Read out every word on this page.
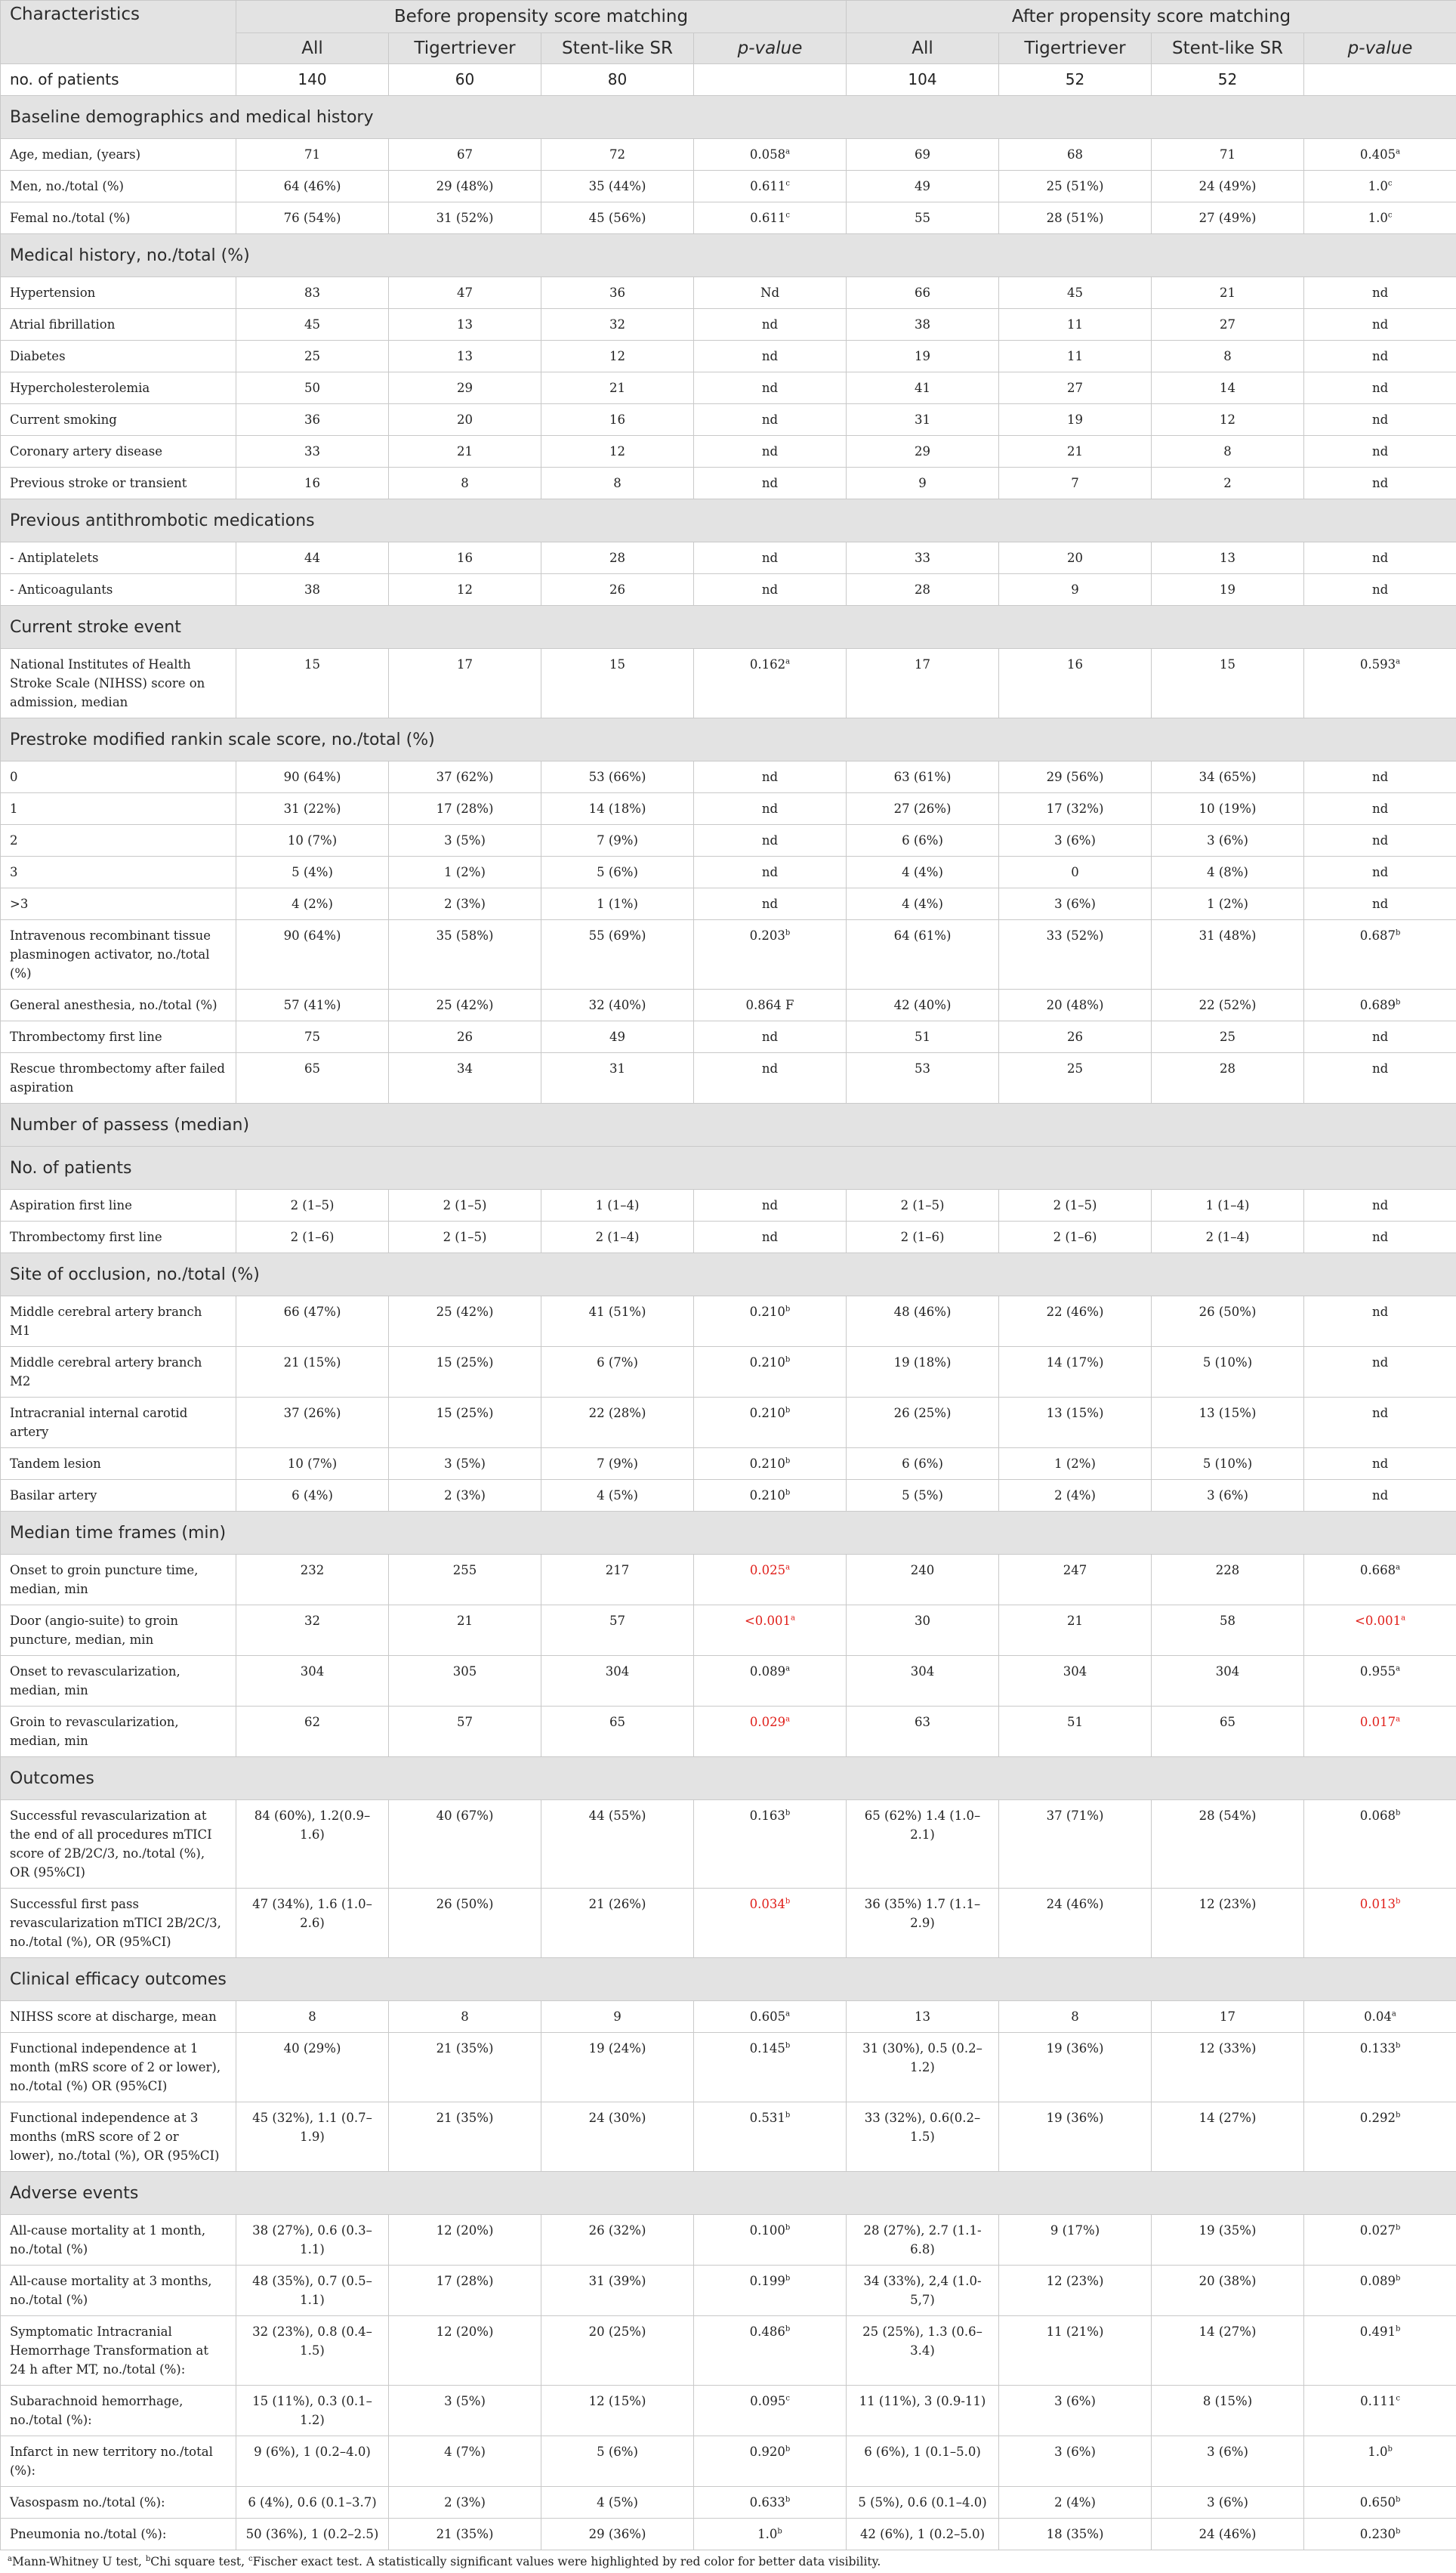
Characteristics	Before propensity score matching				After propensity score matching			
	All	Tigertriever	Stent-like SR	p-value	All	Tigertriever	Stent-like SR	p-value
no. of patients	140	60	80		104	52	52	
Baseline demographics and medical history								
Age, median, (years)	71	67	72	0.058$^a$	69	68	71	0.405$^a$
Men, no./total (%)	64 (46%)	29 (48%)	35 (44%)	0.611$^c$	49	25 (51%)	24 (49%)	1.0$^c$
Femal no./total (%)	76 (54%)	31 (52%)	45 (56%)	0.611$^c$	55	28 (51%)	27 (49%)	1.0$^c$
Medical history, no./total (%)								
Hypertension	83	47	36	Nd	66	45	21	nd
Atrial fibrillation	45	13	32	nd	38	11	27	nd
Diabetes	25	13	12	nd	19	11	8	nd
Hypercholesterolemia	50	29	21	nd	41	27	14	nd
Current smoking	36	20	16	nd	31	19	12	nd
Coronary artery disease	33	21	12	nd	29	21	8	nd
Previous stroke or transient	16	8	8	nd	9	7	2	nd
Previous antithrombotic medications								
- Antiplatelets	44	16	28	nd	33	20	13	nd
- Anticoagulants	38	12	26	nd	28	9	19	nd
Current stroke event								
National Institutes of Health Stroke Scale (NIHSS) score on admission, median	15	17	15	0.162$^a$	17	16	15	0.593$^a$
Prestroke modified rankin scale score, no./total (%)								
0	90 (64%)	37 (62%)	53 (66%)	nd	63 (61%)	29 (56%)	34 (65%)	nd
1	31 (22%)	17 (28%)	14 (18%)	nd	27 (26%)	17 (32%)	10 (19%)	nd
2	10 (7%)	3 (5%)	7 (9%)	nd	6 (6%)	3 (6%)	3 (6%)	nd
3	5 (4%)	1 (2%)	5 (6%)	nd	4 (4%)	0	4 (8%)	nd
>3	4 (2%)	2 (3%)	1 (1%)	nd	4 (4%)	3 (6%)	1 (2%)	nd
Intravenous recombinant tissue plasminogen activator, no./total (%)	90 (64%)	35 (58%)	55 (69%)	0.203$^b$	64 (61%)	33 (52%)	31 (48%)	0.687$^b$
General anesthesia, no./total (%)	57 (41%)	25 (42%)	32 (40%)	0.864 F	42 (40%)	20 (48%)	22 (52%)	0.689$^b$
Thrombectomy first line	75	26	49	nd	51	26	25	nd
Rescue thrombectomy after failed aspiration	65	34	31	nd	53	25	28	nd
Number of passess (median)								
No. of patients								
Aspiration first line	2 (1–5)	2 (1–5)	1 (1–4)	nd	2 (1–5)	2 (1–5)	1 (1–4)	nd
Thrombectomy first line	2 (1–6)	2 (1–5)	2 (1–4)	nd	2 (1–6)	2 (1–6)	2 (1–4)	nd
Site of occlusion, no./total (%)								
Middle cerebral artery branch M1	66 (47%)	25 (42%)	41 (51%)	0.210$^b$	48 (46%)	22 (46%)	26 (50%)	nd
Middle cerebral artery branch M2	21 (15%)	15 (25%)	6 (7%)	0.210$^b$	19 (18%)	14 (17%)	5 (10%)	nd
Intracranial internal carotid artery	37 (26%)	15 (25%)	22 (28%)	0.210$^b$	26 (25%)	13 (15%)	13 (15%)	nd
Tandem lesion	10 (7%)	3 (5%)	7 (9%)	0.210$^b$	6 (6%)	1 (2%)	5 (10%)	nd
Basilar artery	6 (4%)	2 (3%)	4 (5%)	0.210$^b$	5 (5%)	2 (4%)	3 (6%)	nd
Median time frames (min)								
Onset to groin puncture time, median, min	232	255	217	0.025$^a$	240	247	228	0.668$^a$
Door (angio-suite) to groin puncture, median, min	32	21	57	<0.001$^a$	30	21	58	<0.001$^a$
Onset to revascularization, median, min	304	305	304	0.089$^a$	304	304	304	0.955$^a$
Groin to revascularization, median, min	62	57	65	0.029$^a$	63	51	65	0.017$^a$
Outcomes								
Successful revascularization at the end of all procedures mTICI score of 2B/2C/3, no./total (%), OR (95%CI)	84 (60%), 1.2(0.9–1.6)	40 (67%)	44 (55%)	0.163$^b$	65 (62%) 1.4 (1.0–2.1)	37 (71%)	28 (54%)	0.068$^b$
Successful first pass revascularization mTICI 2B/2C/3, no./total (%), OR (95%CI)	47 (34%), 1.6 (1.0–2.6)	26 (50%)	21 (26%)	0.034$^b$	36 (35%) 1.7 (1.1–2.9)	24 (46%)	12 (23%)	0.013$^b$
Clinical efficacy outcomes								
NIHSS score at discharge, mean	8	8	9	0.605$^a$	13	8	17	0.04$^a$
Functional independence at 1 month (mRS score of 2 or lower), no./total (%) OR (95%CI)	40 (29%)	21 (35%)	19 (24%)	0.145$^b$	31 (30%), 0.5 (0.2–1.2)	19 (36%)	12 (33%)	0.133$^b$
Functional independence at 3 months (mRS score of 2 or lower), no./total (%), OR (95%CI)	45 (32%), 1.1 (0.7–1.9)	21 (35%)	24 (30%)	0.531$^b$	33 (32%), 0.6(0.2–1.5)	19 (36%)	14 (27%)	0.292$^b$
Adverse events								
All-cause mortality at 1 month, no./total (%)	38 (27%), 0.6 (0.3–1.1)	12 (20%)	26 (32%)	0.100$^b$	28 (27%), 2.7 (1.1-6.8)	9 (17%)	19 (35%)	0.027$^b$
All-cause mortality at 3 months, no./total (%)	48 (35%), 0.7 (0.5–1.1)	17 (28%)	31 (39%)	0.199$^b$	34 (33%), 2,4 (1.0-5,7)	12 (23%)	20 (38%)	0.089$^b$
Symptomatic Intracranial Hemorrhage Transformation at 24 h after MT, no./total (%):	32 (23%), 0.8 (0.4–1.5)	12 (20%)	20 (25%)	0.486$^b$	25 (25%), 1.3 (0.6–3.4)	11 (21%)	14 (27%)	0.491$^b$
Subarachnoid hemorrhage, no./total (%):	15 (11%), 0.3 (0.1–1.2)	3 (5%)	12 (15%)	0.095$^c$	11 (11%), 3 (0.9-11)	3 (6%)	8 (15%)	0.111$^c$
Infarct in new territory no./total (%):	9 (6%), 1 (0.2–4.0)	4 (7%)	5 (6%)	0.920$^b$	6 (6%), 1 (0.1–5.0)	3 (6%)	3 (6%)	1.0$^b$
Vasospasm no./total (%):	6 (4%), 0.6 (0.1–3.7)	2 (3%)	4 (5%)	0.633$^b$	5 (5%), 0.6 (0.1–4.0)	2 (4%)	3 (6%)	0.650$^b$
Pneumonia no./total (%):	50 (36%), 1 (0.2–2.5)	21 (35%)	29 (36%)	1.0$^b$	42 (6%), 1 (0.2–5.0)	18 (35%)	24 (46%)	0.230$^b$
$^a$Mann-Whitney U test, $^b$Chi square test, $^c$Fischer exact test. A statistically significant values were highlighted by red color for better data visibility.
